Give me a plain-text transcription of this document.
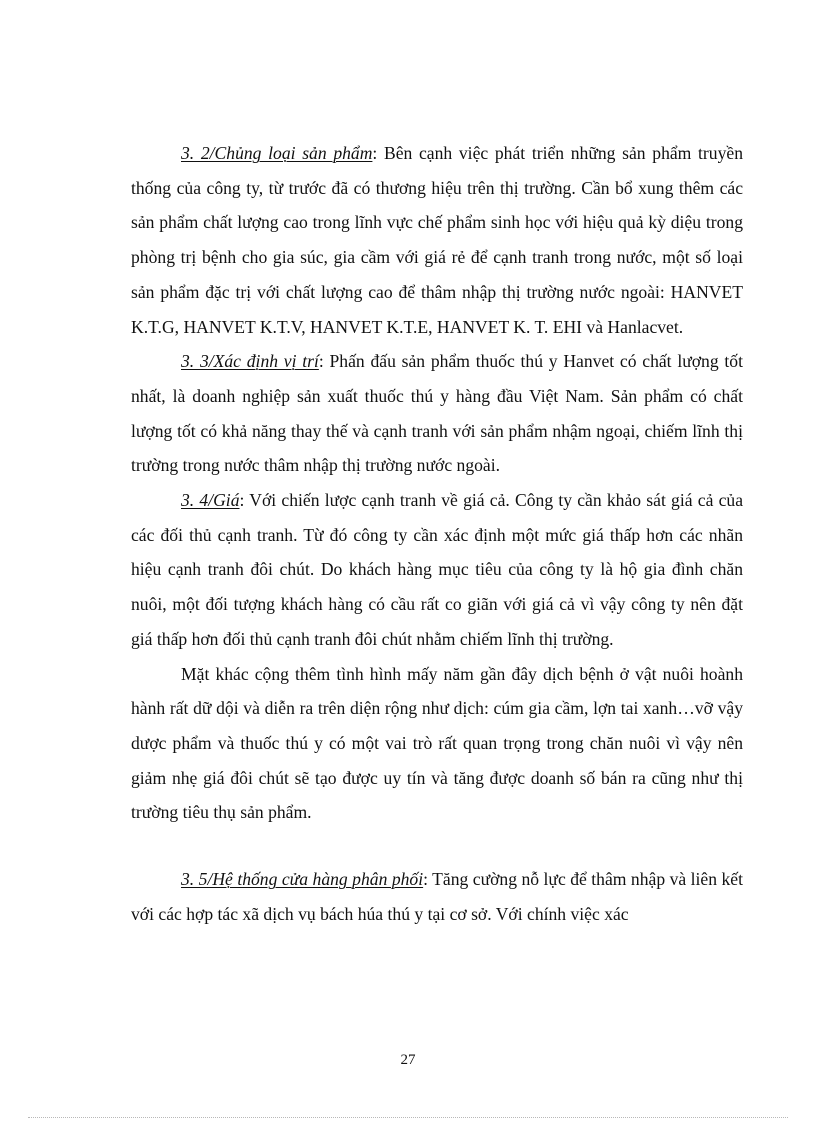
3. 2/Chủng loại sản phẩm: Bên cạnh việc phát triển những sản phẩm truyền thống của công ty, từ trước đã có thương hiệu trên thị trường. Cần bổ xung thêm các sản phẩm chất lượng cao trong lĩnh vực chế phẩm sinh học với hiệu quả kỳ diệu trong phòng trị bệnh cho gia súc, gia cầm với giá rẻ để cạnh tranh trong nước, một số loại sản phẩm đặc trị với chất lượng cao để thâm nhập thị trường nước ngoài: HANVET K.T.G, HANVET K.T.V, HANVET K.T.E, HANVET K. T. EHI và Hanlacvet.

3. 3/Xác định vị trí: Phấn đấu sản phẩm thuốc thú y Hanvet có chất lượng tốt nhất, là doanh nghiệp sản xuất thuốc thú y hàng đầu Việt Nam. Sản phẩm có chất lượng tốt có khả năng thay thế và cạnh tranh với sản phẩm nhậm ngoại, chiếm lĩnh thị trường trong nước thâm nhập thị trường nước ngoài.

3. 4/Giá: Với chiến lược cạnh tranh về giá cả. Công ty cần khảo sát giá cả của các đối thủ cạnh tranh. Từ đó công ty cần xác định một mức giá thấp hơn các nhãn hiệu cạnh tranh đôi chút. Do khách hàng mục tiêu của công ty là hộ gia đình chăn nuôi, một đối tượng khách hàng có cầu rất co giãn với giá cả vì vậy công ty nên đặt giá thấp hơn đối thủ cạnh tranh đôi chút nhằm chiếm lĩnh thị trường.

Mặt khác cộng thêm tình hình mấy năm gần đây dịch bệnh ở vật nuôi hoành hành rất dữ dội và diễn ra trên diện rộng như dịch: cúm gia cầm, lợn tai xanh…vỡ vậy dược phẩm và thuốc thú y có một vai trò rất quan trọng trong chăn nuôi vì vậy nên giảm nhẹ giá đôi chút sẽ tạo được uy tín và tăng được doanh số bán ra cũng như thị trường tiêu thụ sản phẩm.

3. 5/Hệ thống cửa hàng phân phối: Tăng cường nỗ lực để thâm nhập và liên kết với các hợp tác xã dịch vụ bách húa thú y tại cơ sở. Với chính việc xác

27
